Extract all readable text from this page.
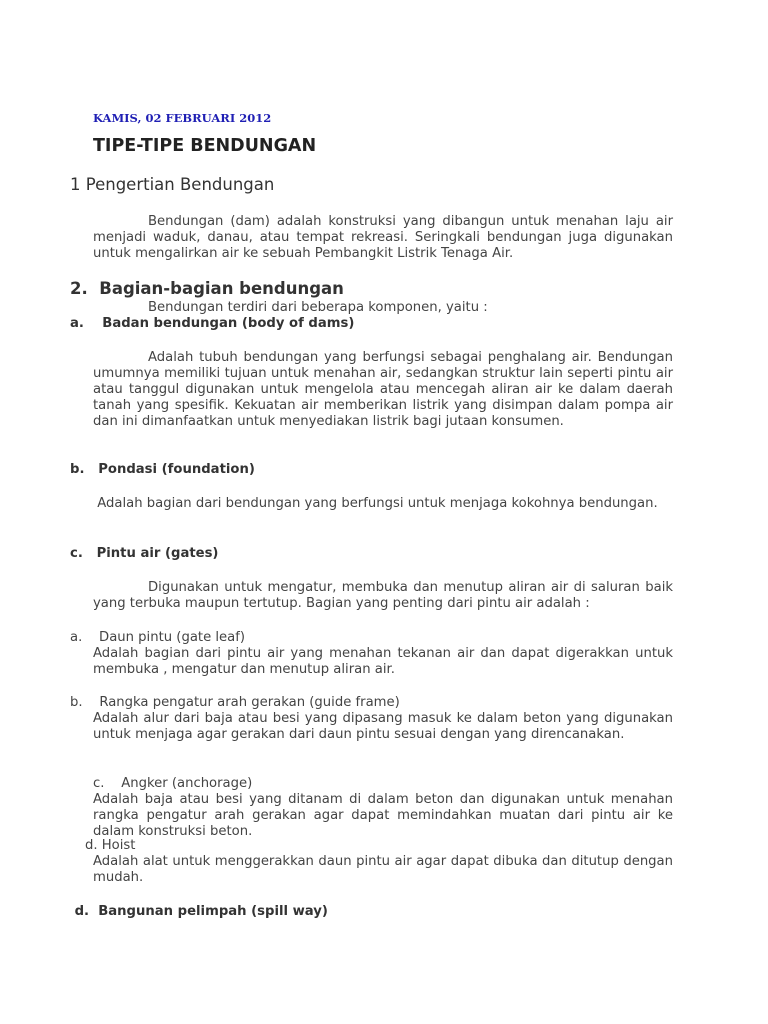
KAMIS, 02 FEBRUARI 2012
TIPE-TIPE BENDUNGAN
1 Pengertian Bendungan

Bendungan (dam) adalah konstruksi yang dibangun untuk menahan laju air menjadi waduk, danau, atau tempat rekreasi. Seringkali bendungan juga digunakan untuk mengalirkan air ke sebuah Pembangkit Listrik Tenaga Air.

2.  Bagian-bagian bendungan
Bendungan terdiri dari beberapa komponen, yaitu :
a.    Badan bendungan (body of dams)

Adalah tubuh bendungan yang berfungsi sebagai penghalang air. Bendungan umumnya memiliki tujuan untuk menahan air, sedangkan struktur lain seperti pintu air atau tanggul digunakan untuk mengelola atau mencegah aliran air ke dalam daerah tanah yang spesifik. Kekuatan air memberikan listrik yang disimpan dalam pompa air dan ini dimanfaatkan untuk menyediakan listrik bagi jutaan konsumen.

b.   Pondasi (foundation)

Adalah bagian dari bendungan yang berfungsi untuk menjaga kokohnya bendungan.

c.   Pintu air (gates)

Digunakan untuk mengatur, membuka dan menutup aliran air di saluran baik yang terbuka maupun tertutup. Bagian yang penting dari pintu air adalah :

a.    Daun pintu (gate leaf)

Adalah bagian dari pintu air yang menahan tekanan air dan dapat digerakkan untuk membuka , mengatur dan menutup aliran air.

b.    Rangka pengatur arah gerakan (guide frame)

Adalah alur dari baja atau besi yang dipasang masuk ke dalam beton yang digunakan untuk menjaga agar gerakan dari daun pintu sesuai dengan yang direncanakan.

c.    Angker (anchorage)

Adalah baja atau besi yang ditanam di dalam beton dan digunakan untuk menahan rangka pengatur arah gerakan agar dapat memindahkan muatan dari pintu air ke dalam konstruksi beton.

d. Hoist

Adalah alat untuk menggerakkan daun pintu air agar dapat dibuka dan ditutup dengan mudah.

d.  Bangunan pelimpah (spill way)
